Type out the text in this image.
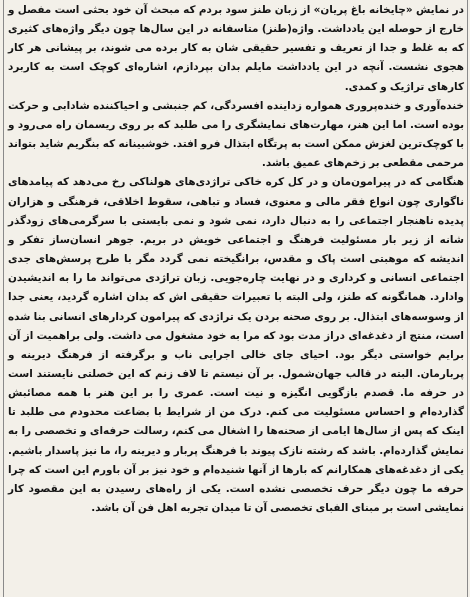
در نمایش «چایخانه باغ پریان» از زبان طنز سود بردم که مبحث آن خود بحثی است مفصل و خارج از حوصله این یادداشت. واژه(طنز) متاسفانه در این سال‌ها چون دیگر واژه‌های کثیری که به غلط و جدا از تعریف و تفسیر حقیقی شان به کار برده می شوند، بر پیشانی هر کار هجوی نشست. آنچه در این یادداشت مایلم بدان بپردازم، اشاره‌ای کوچک است به کاربرد کارهای تراژیک و کمدی.

خنده‌آوری و خنده‌پروری همواره زداینده افسردگی، کم جنبشی و احیاکننده شادابی و حرکت بوده است. اما این هنر، مهارت‌های نمایشگری را می طلبد که بر روی ریسمان راه می‌رود و با کوچک‌ترین لغزش ممکن است به پرتگاه ابتذال فرو افتد. خوشبینانه که بنگریم شاید بتواند مرحمی مقطعی بر زخم‌های عمیق باشد.

هنگامی که در پیرامون‌مان و در کل کره خاکی تراژدی‌های هولناکی رخ می‌دهد که پیامدهای ناگواری چون انواع فقر مالی و معنوی، فساد و تباهی، سقوط اخلاقی، فرهنگی و هزاران پدیده ناهنجار اجتماعی را به دنبال دارد، نمی شود و نمی بایستی با سرگرمی‌های زودگذر شانه از زیر بار مسئولیت فرهنگ و اجتماعی خویش در بریم. جوهر انسان‌ساز تفکر و اندیشه که موهبتی است پاک و مقدس، برانگیخته نمی گردد مگر با طرح پرسش‌های جدی اجتماعی انسانی و کرداری و در نهایت چاره‌جویی. زبان تراژدی می‌تواند ما را به اندیشیدن وادارد. همانگونه که طنز، ولی البته با تعبیرات حقیقی اش که بدان اشاره گردید، یعنی جدا از وسوسه‌های ابتذال. بر روی صحنه بردن یک تراژدی که پیرامون کردارهای انسانی بنا شده است، منتج از دغدغه‌ای دراز مدت بود که مرا به خود مشغول می داشت. ولی براهمیت از آن برایم خواستی دیگر بود. احیای جای خالی اجرایی ناب و برگرفته از فرهنگ دیرینه و پربارمان. البته در قالب جهان‌شمول. بر آن نیستم تا لاف زنم که این خصلتی نایستند است در حرفه ما. قصدم بازگویی انگیزه و نیت است. عمری را بر این هنر با همه مصائبش گذارده‌ام و احساس مسئولیت می کنم. درک من از شرایط با بضاعت محدودم می طلبد تا اینک که پس از سال‌ها ایامی از صحنه‌ها را اشغال می کنم، رسالت حرفه‌ای و تخصصی را به نمایش گذارده‌ام. باشد که رشته نازک پیوند با فرهنگ پربار و دیرینه را، ما نیز پاسدار باشیم. یکی از دغدغه‌های همکارانم که بارها از آنها شنیده‌ام و خود نیز بر آن باورم این است که چرا حرفه ما چون دیگر حرف تخصصی نشده است. یکی از راه‌های رسیدن به این مقصود کار نمایشی است بر مبنای الفبای تخصصی آن تا میدان تجربه اهل فن آن باشد.
